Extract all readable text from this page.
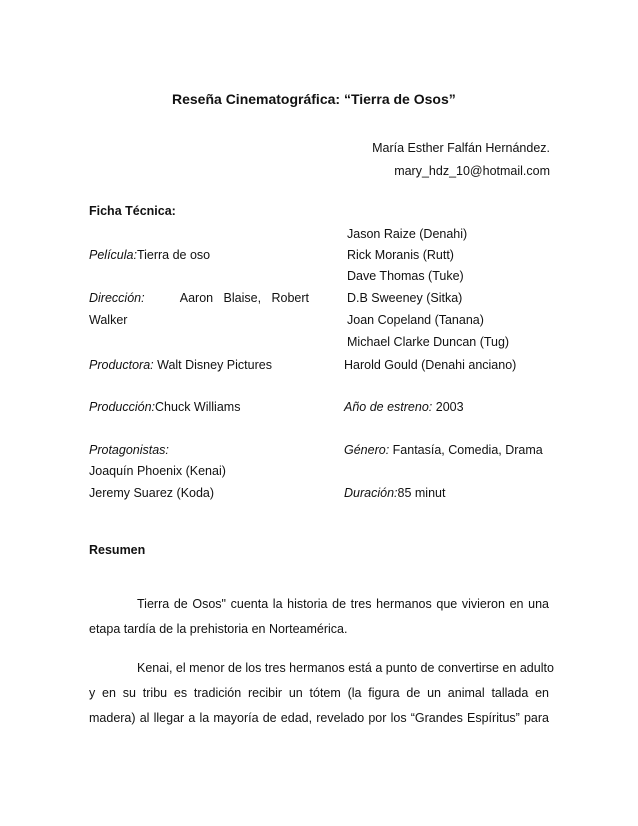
Reseña Cinematográfica: “Tierra de Osos”
María Esther Falfán Hernández.
mary_hdz_10@hotmail.com
Ficha Técnica:
Película:Tierra de oso
Dirección:	Aaron   Blaise,   Robert
Walker
Productora: Walt Disney Pictures
Producción:Chuck Williams
Protagonistas:
Joaquín Phoenix (Kenai)
Jeremy Suarez (Koda)
Jason Raize (Denahi)
Rick Moranis (Rutt)
Dave Thomas (Tuke)
D.B Sweeney (Sitka)
Joan Copeland (Tanana)
Michael Clarke Duncan (Tug)
Harold Gould (Denahi anciano)
Año de estreno: 2003
Género: Fantasía, Comedia, Drama
Duración:85 minut
Resumen
Tierra de Osos" cuenta la historia de tres hermanos que vivieron en una
etapa tardía de la prehistoria en Norteamérica.
Kenai, el menor de los tres hermanos está a punto de convertirse en adulto
y en su tribu es tradición recibir un tótem (la figura de un animal tallada en
madera) al llegar a la mayoría de edad, revelado por los “Grandes Espíritus” para
